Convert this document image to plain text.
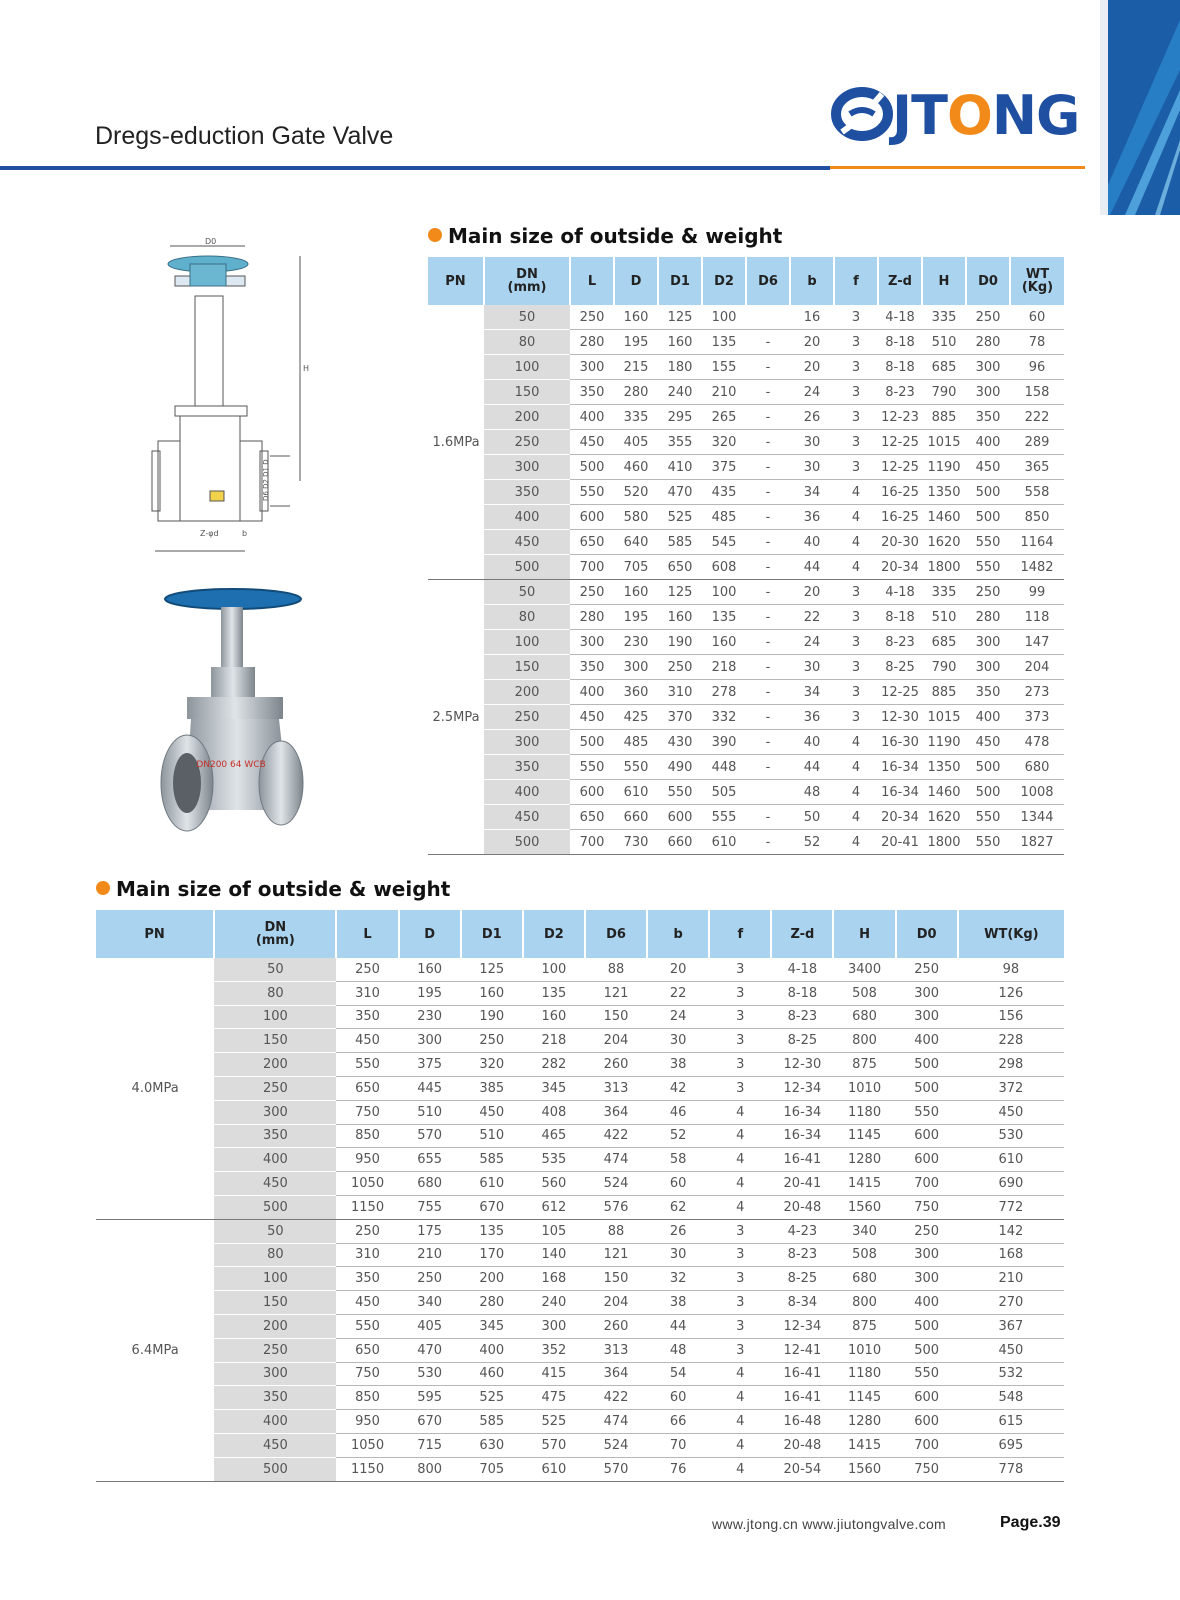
Dregs-eduction Gate Valve	JTONG
D0
H
Z-φd	b
D6 D2 D1 D
DN200 64 WCB
Main size of outside & weight
PN	DN
(mm)	L	D	D1	D2	D6	b	f	Z-d	H	D0	WT
(Kg)
1.6MPa	50	250	160	125	100		16	3	4-18	335	250	60
	80	280	195	160	135	-	20	3	8-18	510	280	78
	100	300	215	180	155	-	20	3	8-18	685	300	96
	150	350	280	240	210	-	24	3	8-23	790	300	158
	200	400	335	295	265	-	26	3	12-23	885	350	222
	250	450	405	355	320	-	30	3	12-25	1015	400	289
	300	500	460	410	375	-	30	3	12-25	1190	450	365
	350	550	520	470	435	-	34	4	16-25	1350	500	558
	400	600	580	525	485	-	36	4	16-25	1460	500	850
	450	650	640	585	545	-	40	4	20-30	1620	550	1164
	500	700	705	650	608	-	44	4	20-34	1800	550	1482
2.5MPa	50	250	160	125	100	-	20	3	4-18	335	250	99
	80	280	195	160	135	-	22	3	8-18	510	280	118
	100	300	230	190	160	-	24	3	8-23	685	300	147
	150	350	300	250	218	-	30	3	8-25	790	300	204
	200	400	360	310	278	-	34	3	12-25	885	350	273
	250	450	425	370	332	-	36	3	12-30	1015	400	373
	300	500	485	430	390	-	40	4	16-30	1190	450	478
	350	550	550	490	448	-	44	4	16-34	1350	500	680
	400	600	610	550	505		48	4	16-34	1460	500	1008
	450	650	660	600	555	-	50	4	20-34	1620	550	1344
	500	700	730	660	610	-	52	4	20-41	1800	550	1827
Main size of outside & weight
PN	DN
(mm)	L	D	D1	D2	D6	b	f	Z-d	H	D0	WT(Kg)
4.0MPa	50	250	160	125	100	88	20	3	4-18	3400	250	98
	80	310	195	160	135	121	22	3	8-18	508	300	126
	100	350	230	190	160	150	24	3	8-23	680	300	156
	150	450	300	250	218	204	30	3	8-25	800	400	228
	200	550	375	320	282	260	38	3	12-30	875	500	298
	250	650	445	385	345	313	42	3	12-34	1010	500	372
	300	750	510	450	408	364	46	4	16-34	1180	550	450
	350	850	570	510	465	422	52	4	16-34	1145	600	530
	400	950	655	585	535	474	58	4	16-41	1280	600	610
	450	1050	680	610	560	524	60	4	20-41	1415	700	690
	500	1150	755	670	612	576	62	4	20-48	1560	750	772
6.4MPa	50	250	175	135	105	88	26	3	4-23	340	250	142
	80	310	210	170	140	121	30	3	8-23	508	300	168
	100	350	250	200	168	150	32	3	8-25	680	300	210
	150	450	340	280	240	204	38	3	8-34	800	400	270
	200	550	405	345	300	260	44	3	12-34	875	500	367
	250	650	470	400	352	313	48	3	12-41	1010	500	450
	300	750	530	460	415	364	54	4	16-41	1180	550	532
	350	850	595	525	475	422	60	4	16-41	1145	600	548
	400	950	670	585	525	474	66	4	16-48	1280	600	615
	450	1050	715	630	570	524	70	4	20-48	1415	700	695
	500	1150	800	705	610	570	76	4	20-54	1560	750	778
www.jtong.cn www.jiutongvalve.com	Page.39
